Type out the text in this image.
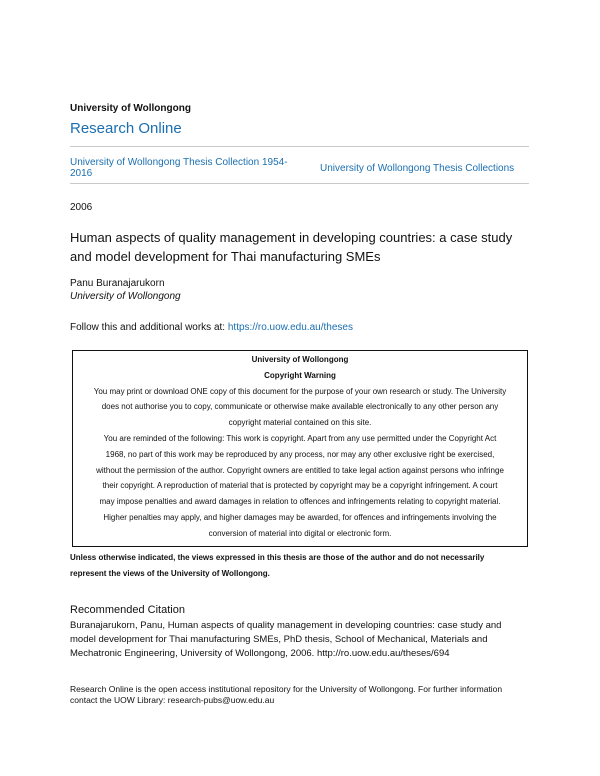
University of Wollongong
Research Online
University of Wollongong Thesis Collection 1954-2016	University of Wollongong Thesis Collections
2006
Human aspects of quality management in developing countries: a case study and model development for Thai manufacturing SMEs
Panu Buranajarukorn
University of Wollongong
Follow this and additional works at: https://ro.uow.edu.au/theses
University of Wollongong
Copyright Warning
You may print or download ONE copy of this document for the purpose of your own research or study. The University
does not authorise you to copy, communicate or otherwise make available electronically to any other person any
copyright material contained on this site.
You are reminded of the following: This work is copyright. Apart from any use permitted under the Copyright Act
1968, no part of this work may be reproduced by any process, nor may any other exclusive right be exercised,
without the permission of the author. Copyright owners are entitled to take legal action against persons who infringe
their copyright. A reproduction of material that is protected by copyright may be a copyright infringement. A court
may impose penalties and award damages in relation to offences and infringements relating to copyright material.
Higher penalties may apply, and higher damages may be awarded, for offences and infringements involving the
conversion of material into digital or electronic form.
Unless otherwise indicated, the views expressed in this thesis are those of the author and do not necessarily
represent the views of the University of Wollongong.
Recommended Citation
Buranajarukorn, Panu, Human aspects of quality management in developing countries: case study and
model development for Thai manufacturing SMEs, PhD thesis, School of Mechanical, Materials and
Mechatronic Engineering, University of Wollongong, 2006. http://ro.uow.edu.au/theses/694
Research Online is the open access institutional repository for the University of Wollongong. For further information
contact the UOW Library: research-pubs@uow.edu.au
